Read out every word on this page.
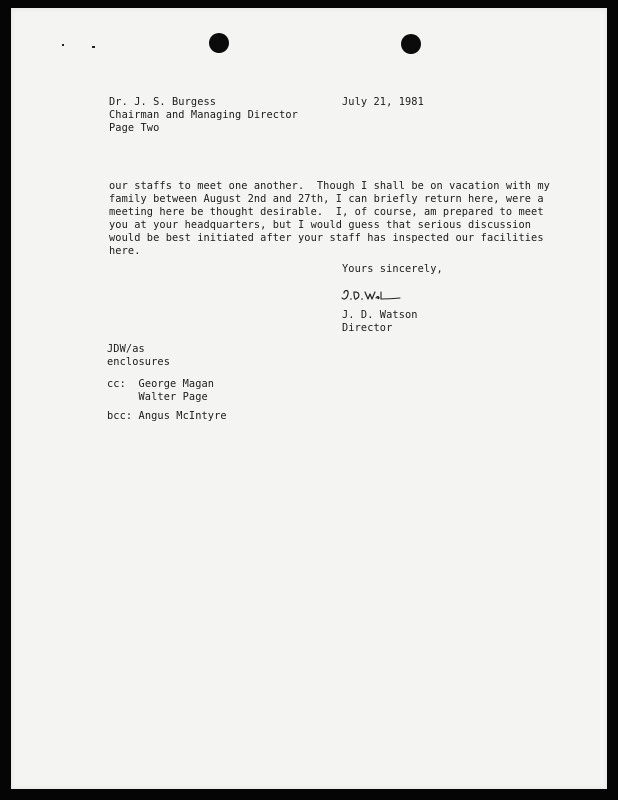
Dr. J. S. Burgess
Chairman and Managing Director
Page Two
July 21, 1981
our staffs to meet one another.  Though I shall be on vacation with my
family between August 2nd and 27th, I can briefly return here, were a
meeting here be thought desirable.  I, of course, am prepared to meet
you at your headquarters, but I would guess that serious discussion
would be best initiated after your staff has inspected our facilities
here.
Yours sincerely,
J. D. Watson
Director
JDW/as
enclosures
cc: George Magan
Walter Page
bcc: Angus McIntyre
